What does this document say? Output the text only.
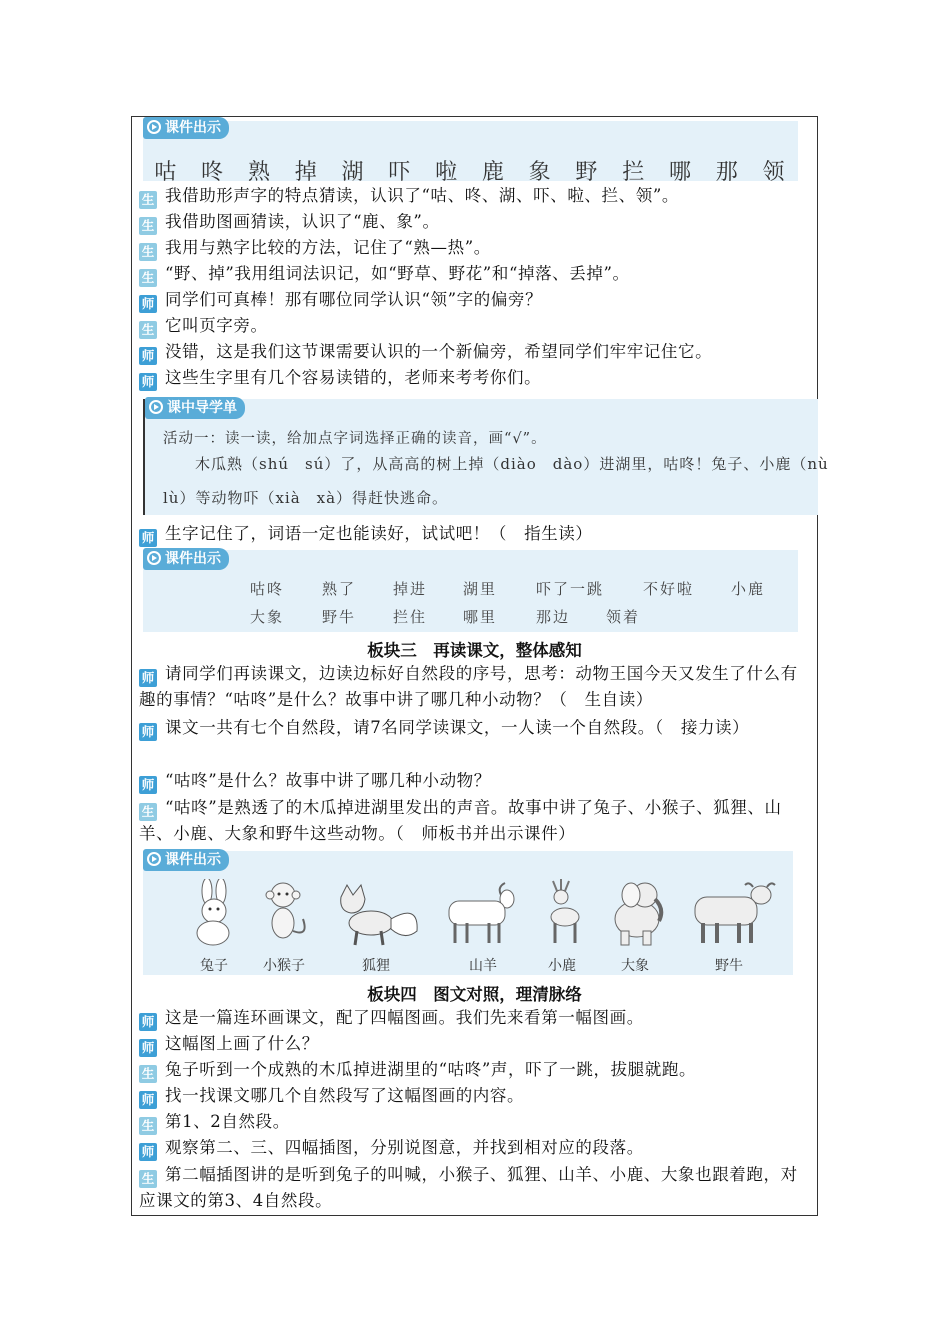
咕 咚 熟 掉 湖 吓 啦 鹿 象 野 拦 哪 那 领
课件出示
生 我借助形声字的特点猜读，认识了“咕、咚、湖、吓、啦、拦、领”。
生 我借助图画猜读，认识了“鹿、象”。
生 我用与熟字比较的方法，记住了“熟—热”。
生 “野、掉”我用组词法识记，如“野草、野花”和“掉落、丢掉”。
师 同学们可真棒！那有哪位同学认识“领”字的偏旁？
生 它叫页字旁。
师 没错，这是我们这节课需要认识的一个新偏旁，希望同学们牢牢记住它。
师 这些生字里有几个容易读错的，老师来考考你们。
活动一：读一读，给加点字词选择正确的读音，画“√”。
木瓜熟（shú　sú）了，从高高的树上掉（diào　dào）进湖里，咕咚！兔子、小鹿（nù
lù）等动物吓（xià　xà）得赶快逃命。
课中导学单
师 生字记住了，词语一定也能读好，试试吧！（　指生读）
咕咚	熟了 掉进 湖里	吓了一跳	不好啦 小鹿
大象	野牛 拦住 哪里	那边 领着
课件出示
板块三　再读课文，整体感知
师 请同学们再读课文，边读边标好自然段的序号，思考：动物王国今天又发生了什么有趣的事情？“咕咚”是什么？故事中讲了哪几种小动物？（　生自读）
师 课文一共有七个自然段，请7名同学读课文，一人读一个自然段。（　接力读）
师 “咕咚”是什么？故事中讲了哪几种小动物？
生 “咕咚”是熟透了的木瓜掉进湖里发出的声音。故事中讲了兔子、小猴子、狐狸、山羊、小鹿、大象和野牛这些动物。（　师板书并出示课件）
兔子	小猴子	狐狸	山羊	小鹿	大象	野牛
课件出示
板块四　图文对照，理清脉络
师 这是一篇连环画课文，配了四幅图画。我们先来看第一幅图画。
师 这幅图上画了什么？
生 兔子听到一个成熟的木瓜掉进湖里的“咕咚”声，吓了一跳，拔腿就跑。
师 找一找课文哪几个自然段写了这幅图画的内容。
生 第1、2自然段。
师 观察第二、三、四幅插图，分别说图意，并找到相对应的段落。
生 第二幅插图讲的是听到兔子的叫喊，小猴子、狐狸、山羊、小鹿、大象也跟着跑，对应课文的第3、4自然段。
